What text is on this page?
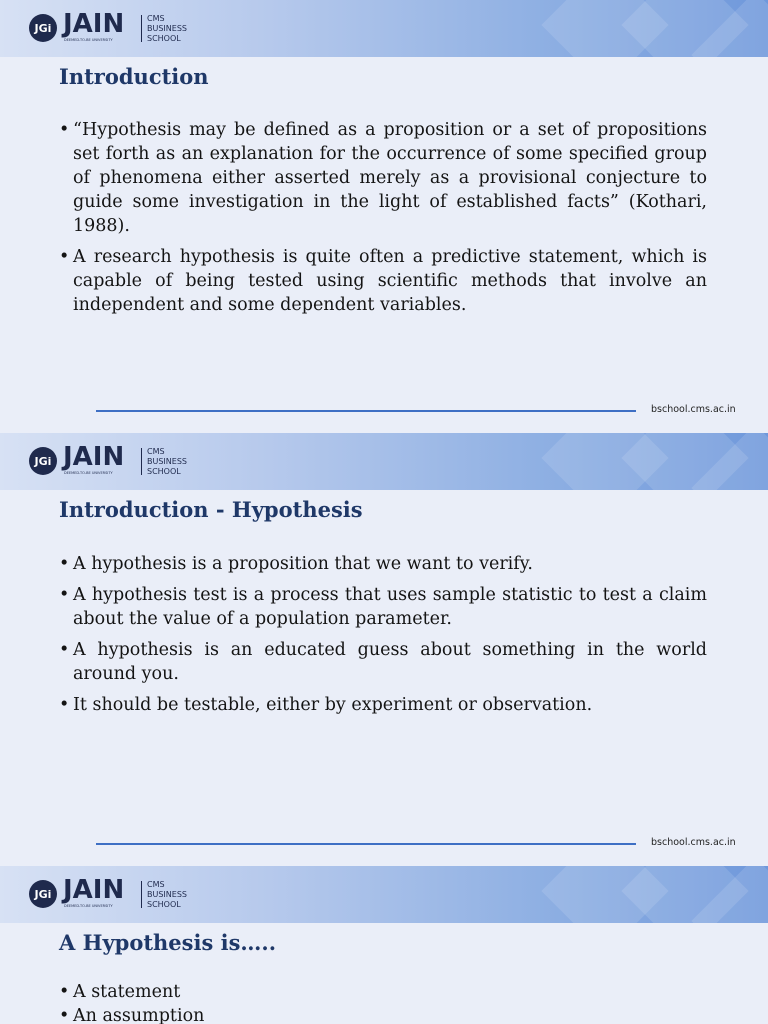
JGi JAIN
DEEMED-TO-BE UNIVERSITY
CMS
BUSINESS
SCHOOL
Introduction
• “Hypothesis may be defined as a proposition or a set of propositions set forth as an explanation for the occurrence of some specified group of phenomena either asserted merely as a provisional conjecture to guide some investigation in the light of established facts” (Kothari, 1988).
• A research hypothesis is quite often a predictive statement, which is capable of being tested using scientific methods that involve an independent and some dependent variables.
bschool.cms.ac.in
JGi JAIN
DEEMED-TO-BE UNIVERSITY
CMS
BUSINESS
SCHOOL
Introduction - Hypothesis
• A hypothesis is a proposition that we want to verify.
• A hypothesis test is a process that uses sample statistic to test a claim about the value of a population parameter.
• A hypothesis is an educated guess about something in the world around you.
• It should be testable, either by experiment or observation.
bschool.cms.ac.in
JGi JAIN
DEEMED-TO-BE UNIVERSITY
CMS
BUSINESS
SCHOOL
A Hypothesis is…..
• A statement
• An assumption
